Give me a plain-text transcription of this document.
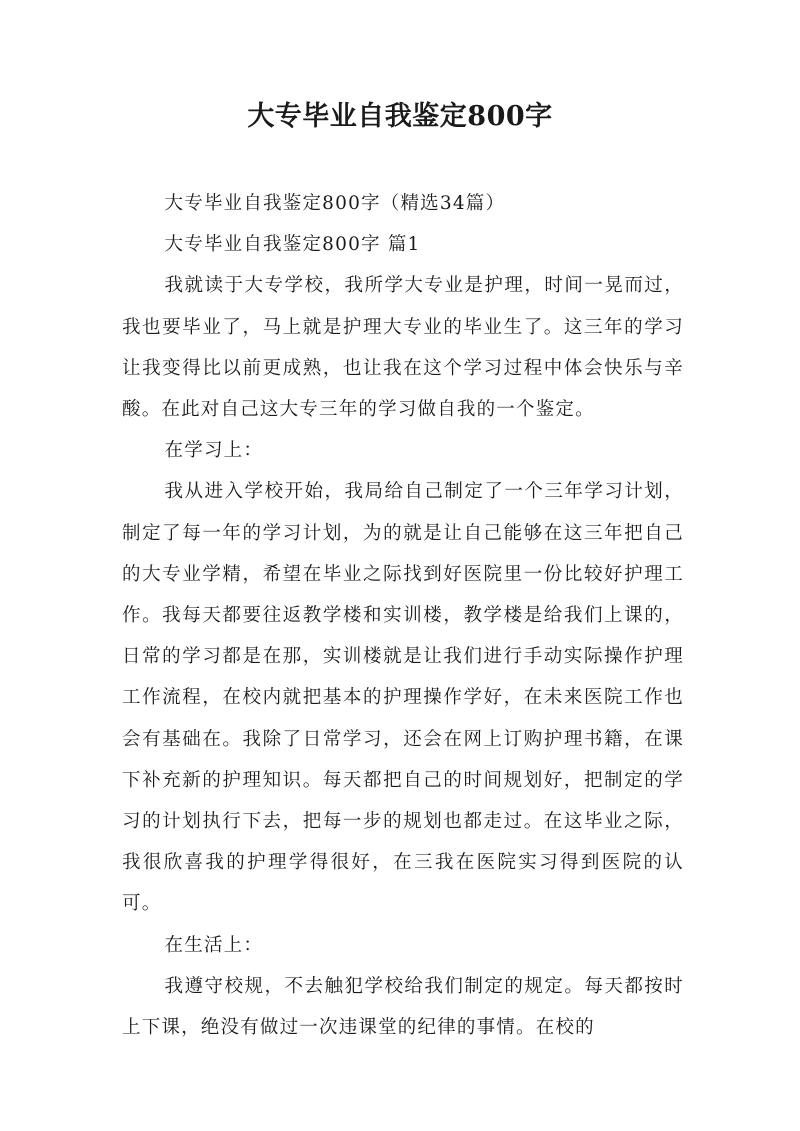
大专毕业自我鉴定800字

大专毕业自我鉴定800字（精选34篇）

大专毕业自我鉴定800字 篇1

我就读于大专学校，我所学大专业是护理，时间一晃而过，我也要毕业了，马上就是护理大专业的毕业生了。这三年的学习让我变得比以前更成熟，也让我在这个学习过程中体会快乐与辛酸。在此对自己这大专三年的学习做自我的一个鉴定。

在学习上：

我从进入学校开始，我局给自己制定了一个三年学习计划，制定了每一年的学习计划，为的就是让自己能够在这三年把自己的大专业学精，希望在毕业之际找到好医院里一份比较好护理工作。我每天都要往返教学楼和实训楼，教学楼是给我们上课的，日常的学习都是在那，实训楼就是让我们进行手动实际操作护理工作流程，在校内就把基本的护理操作学好，在未来医院工作也会有基础在。我除了日常学习，还会在网上订购护理书籍，在课下补充新的护理知识。每天都把自己的时间规划好，把制定的学习的计划执行下去，把每一步的规划也都走过。在这毕业之际，我很欣喜我的护理学得很好，在三我在医院实习得到医院的认可。

在生活上：

我遵守校规，不去触犯学校给我们制定的规定。每天都按时上下课，绝没有做过一次违课堂的纪律的事情。在校的
